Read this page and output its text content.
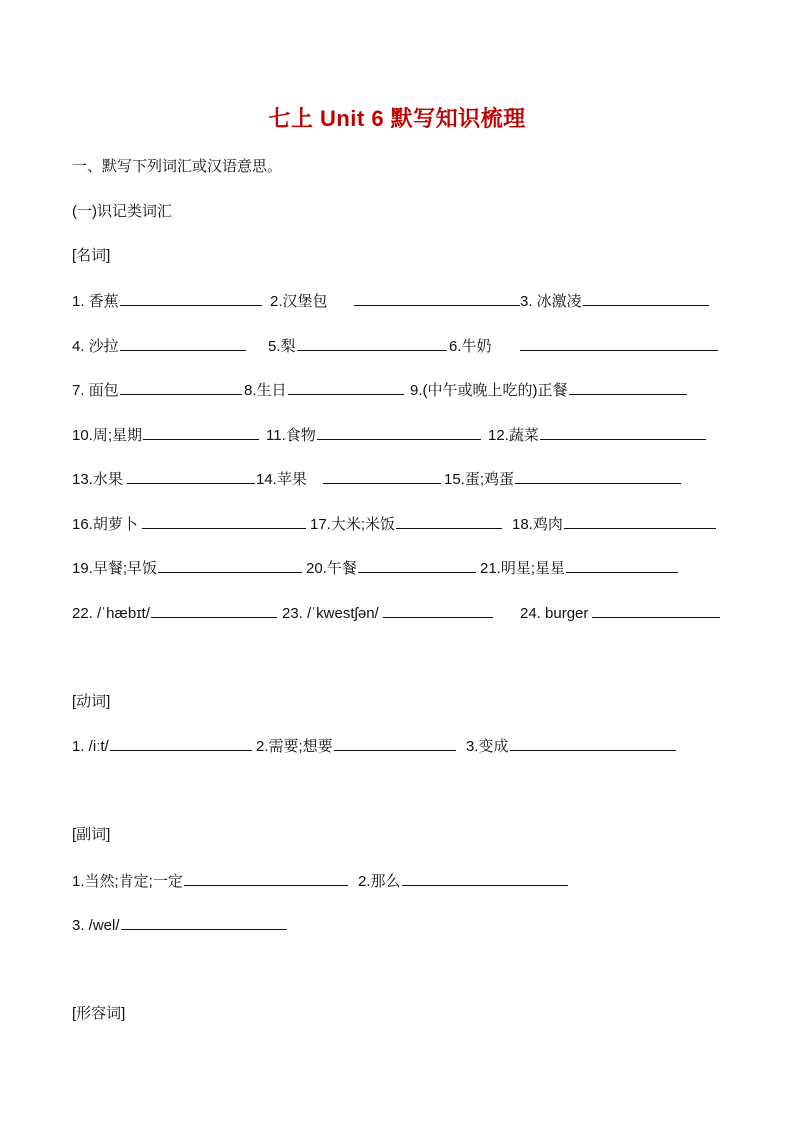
七上 Unit 6 默写知识梳理
一、默写下列词汇或汉语意思。
(一)识记类词汇
[名词]
1. 香蕉	2.汉堡包	3. 冰激凌
4. 沙拉	5.梨	6.牛奶
7. 面包	8.生日	9.(中午或晚上吃的)正餐
10.周;星期	11.食物	12.蔬菜
13.水果	14.苹果	15.蛋;鸡蛋
16.胡萝卜	17.大米;米饭	18.鸡肉
19.早餐;早饭	20.午餐	21.明星;星星
22. /ˈhæbɪt/	23. /ˈkwestʃən/	24. burger
[动词]
1. /iːt/	2.需要;想要	3.变成
[副词]
1.当然;肯定;一定	2.那么
3. /wel/
[形容词]
